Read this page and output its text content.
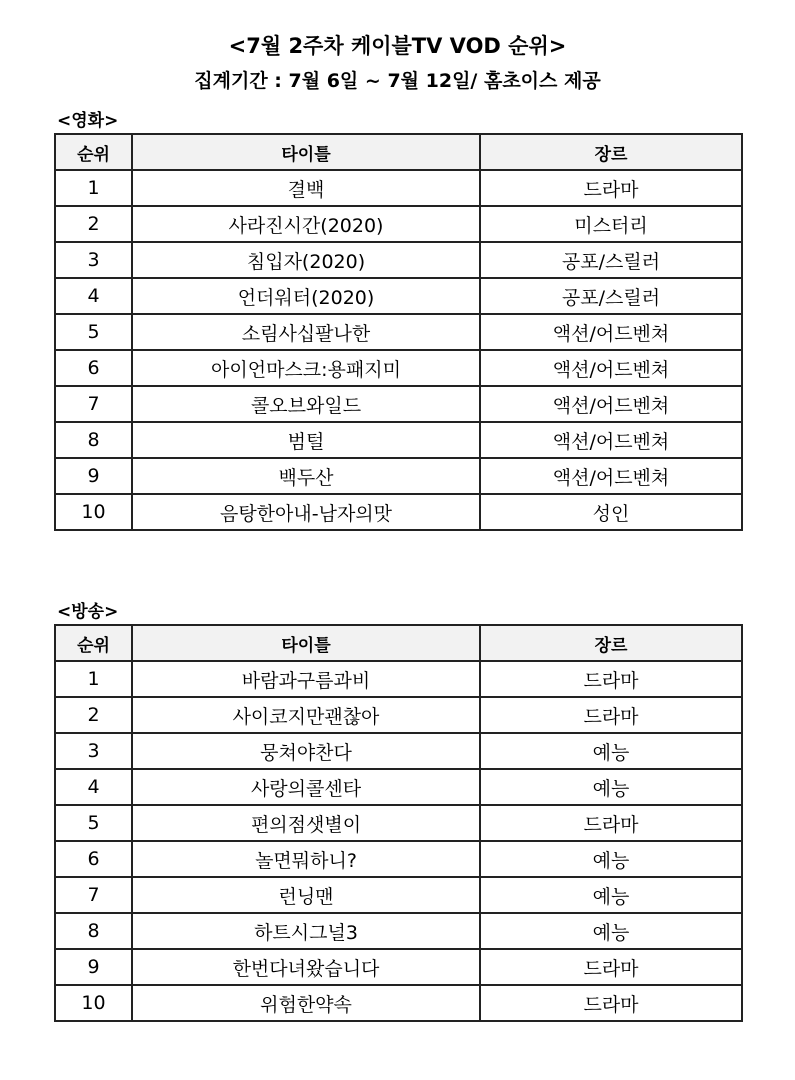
<7월 2주차 케이블TV VOD 순위>
집계기간 : 7월 6일 ~ 7월 12일/ 홈초이스 제공
<영화>
순위	타이틀	장르
1	결백	드라마
2	사라진시간(2020)	미스터리
3	침입자(2020)	공포/스릴러
4	언더워터(2020)	공포/스릴러
5	소림사십팔나한	액션/어드벤쳐
6	아이언마스크:용패지미	액션/어드벤쳐
7	콜오브와일드	액션/어드벤쳐
8	범털	액션/어드벤쳐
9	백두산	액션/어드벤쳐
10	음탕한아내-남자의맛	성인
<방송>
순위	타이틀	장르
1	바람과구름과비	드라마
2	사이코지만괜찮아	드라마
3	뭉쳐야찬다	예능
4	사랑의콜센타	예능
5	편의점샛별이	드라마
6	놀면뭐하니?	예능
7	런닝맨	예능
8	하트시그널3	예능
9	한번다녀왔습니다	드라마
10	위험한약속	드라마
